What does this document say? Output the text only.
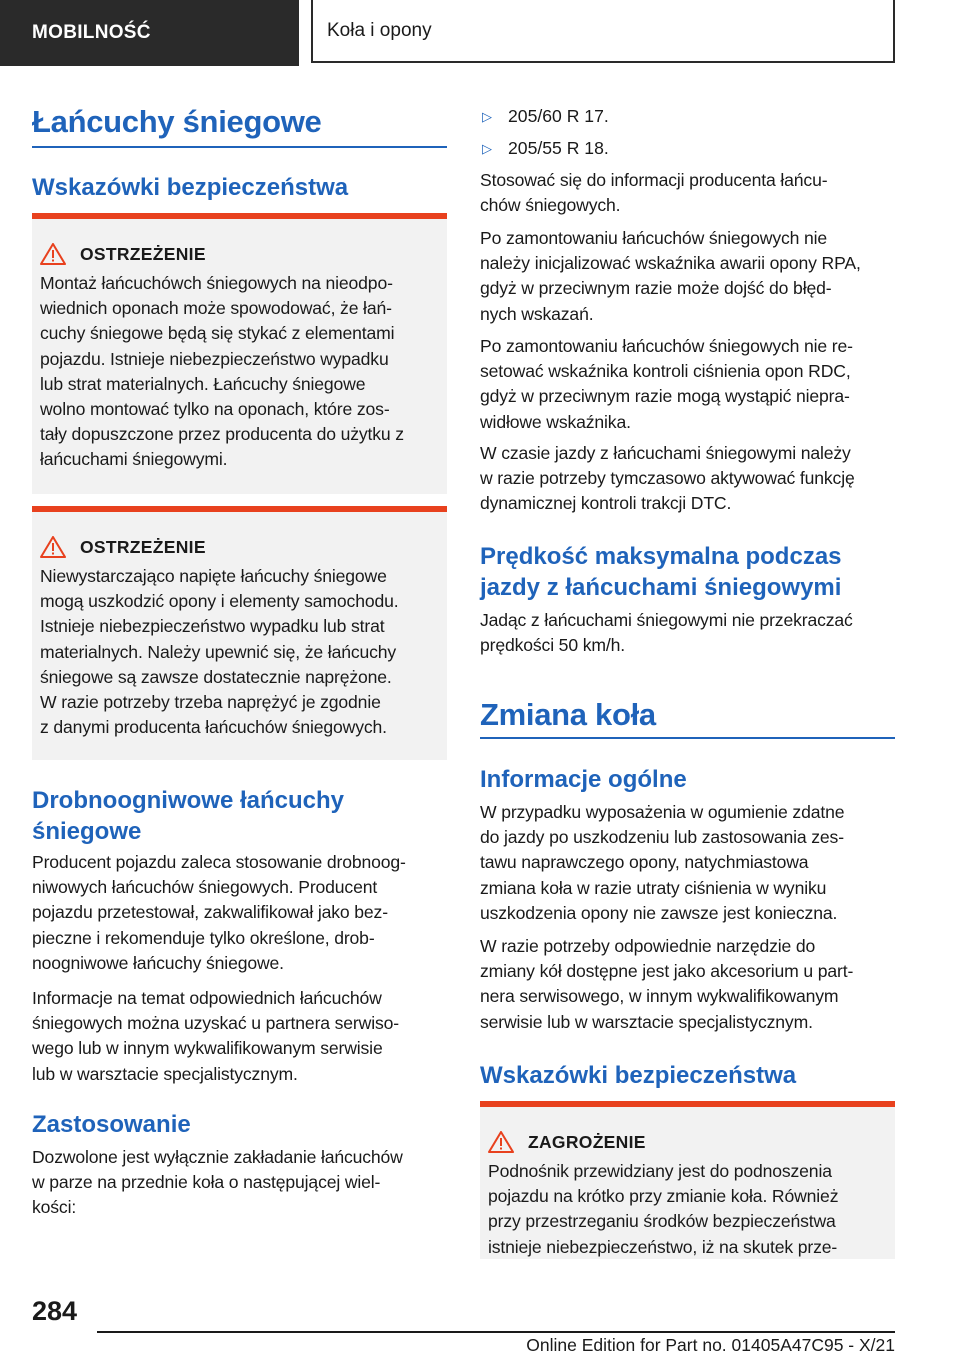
MOBILNOŚĆ	Koła i opony
Łańcuchy śniegowe
Wskazówki bezpieczeństwa
OSTRZEŻENIE
Montaż łańcuchówch śniegowych na nieodpo-
wiednich oponach może spowodować, że łań-
cuchy śniegowe będą się stykać z elementami
pojazdu. Istnieje niebezpieczeństwo wypadku
lub strat materialnych. Łańcuchy śniegowe
wolno montować tylko na oponach, które zos-
tały dopuszczone przez producenta do użytku z
łańcuchami śniegowymi.
OSTRZEŻENIE
Niewystarczająco napięte łańcuchy śniegowe
mogą uszkodzić opony i elementy samochodu.
Istnieje niebezpieczeństwo wypadku lub strat
materialnych. Należy upewnić się, że łańcuchy
śniegowe są zawsze dostatecznie naprężone.
W razie potrzeby trzeba naprężyć je zgodnie
z danymi producenta łańcuchów śniegowych.
Drobnoogniwowe łańcuchy
śniegowe
Producent pojazdu zaleca stosowanie drobnoog-
niwowych łańcuchów śniegowych. Producent
pojazdu przetestował, zakwalifikował jako bez-
pieczne i rekomenduje tylko określone, drob-
noogniwowe łańcuchy śniegowe.
Informacje na temat odpowiednich łańcuchów
śniegowych można uzyskać u partnera serwiso-
wego lub w innym wykwalifikowanym serwisie
lub w warsztacie specjalistycznym.
Zastosowanie
Dozwolone jest wyłącznie zakładanie łańcuchów
w parze na przednie koła o następującej wiel-
kości:
▷ 205/60 R 17.
▷ 205/55 R 18.
Stosować się do informacji producenta łańcu-
chów śniegowych.
Po zamontowaniu łańcuchów śniegowych nie
należy inicjalizować wskaźnika awarii opony RPA,
gdyż w przeciwnym razie może dojść do błęd-
nych wskazań.
Po zamontowaniu łańcuchów śniegowych nie re-
setować wskaźnika kontroli ciśnienia opon RDC,
gdyż w przeciwnym razie mogą wystąpić niepra-
widłowe wskaźnika.
W czasie jazdy z łańcuchami śniegowymi należy
w razie potrzeby tymczasowo aktywować funkcję
dynamicznej kontroli trakcji DTC.
Prędkość maksymalna podczas
jazdy z łańcuchami śniegowymi
Jadąc z łańcuchami śniegowymi nie przekraczać
prędkości 50 km/h.
Zmiana koła
Informacje ogólne
W przypadku wyposażenia w ogumienie zdatne
do jazdy po uszkodzeniu lub zastosowania zes-
tawu naprawczego opony, natychmiastowa
zmiana koła w razie utraty ciśnienia w wyniku
uszkodzenia opony nie zawsze jest konieczna.
W razie potrzeby odpowiednie narzędzie do
zmiany kół dostępne jest jako akcesorium u part-
nera serwisowego, w innym wykwalifikowanym
serwisie lub w warsztacie specjalistycznym.
Wskazówki bezpieczeństwa
ZAGROŻENIE
Podnośnik przewidziany jest do podnoszenia
pojazdu na krótko przy zmianie koła. Również
przy przestrzeganiu środków bezpieczeństwa
istnieje niebezpieczeństwo, iż na skutek prze-
284
Online Edition for Part no. 01405A47C95 - X/21
